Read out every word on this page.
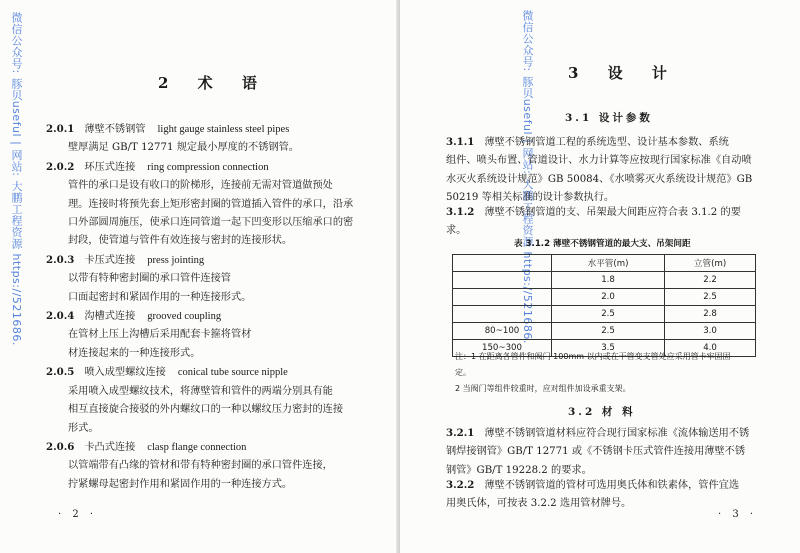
微信公众号: 豚贝useful | 网站: 大鹏工程资源 https://521686.	2 术 语
2.0.1 薄壁不锈钢管 light gauge stainless steel pipes
壁厚满足 GB/T 12771 规定最小厚度的不锈钢管。
2.0.2 环压式连接 ring compression connection
管件的承口是设有收口的阶梯形，连接前无需对管道做预处
理。连接时将预先套上矩形密封圈的管道插入管件的承口，沿承
口外部圆周施压，使承口连同管道一起下凹变形以压缩承口的密
封段，使管道与管件有效连接与密封的连接形状。
2.0.3 卡压式连接 press jointing
以带有特种密封圈的承口管件连接管
口面起密封和紧固作用的一种连接形式。
2.0.4 沟槽式连接 grooved coupling
在管材上压上沟槽后采用配套卡箍将管材
材连接起来的一种连接形式。
2.0.5 喷入成型螺纹连接 conical tube source nipple
采用喷入成型螺纹技术，将薄壁管和管件的两端分别具有能
相互直接旋合接驳的外内螺纹口的一种以螺纹压力密封的连接
形式。
2.0.6 卡凸式连接 clasp flange connection
以管端带有凸缘的管材和带有特种密封圈的承口管件连接，
拧紧螺母起密封作用和紧固作用的一种连接方式。
· 2 ·
微信公众号: 豚贝useful | 网站: 大鹏工程资源 https://521686. 3 设 计
3.1 设计参数
3.1.1 薄壁不锈钢管道工程的系统选型、设计基本参数、系统
组件、喷头布置、管道设计、水力计算等应按现行国家标准《自动喷
水灭火系统设计规范》GB 50084、《水喷雾灭火系统设计规范》GB
50219 等相关标准的设计参数执行。
3.1.2 薄壁不锈钢管道的支、吊架最大间距应符合表 3.1.2 的要
求。
表 3.1.2 薄壁不锈钢管道的最大支、吊架间距
	水平管(m)	立管(m)
	1.8	2.2
	2.0	2.5
	2.5	2.8
80~100	2.5	3.0
150~300	3.5	4.0
注：1 在距离各管件和阀门 100mm 以内或在干管变支管处应采用管卡牢固固
定。
2 当阀门等组件较重时，应对组件加设承重支架。
3.2 材 料
3.2.1 薄壁不锈钢管道材料应符合现行国家标准《流体输送用不锈
钢焊接钢管》GB/T 12771 或《不锈钢卡压式管件连接用薄壁不锈
钢管》GB/T 19228.2 的要求。
3.2.2 薄壁不锈钢管道的管材可选用奥氏体和铁素体，管件宜选
用奥氏体，可按表 3.2.2 选用管材牌号。
· 3 ·
